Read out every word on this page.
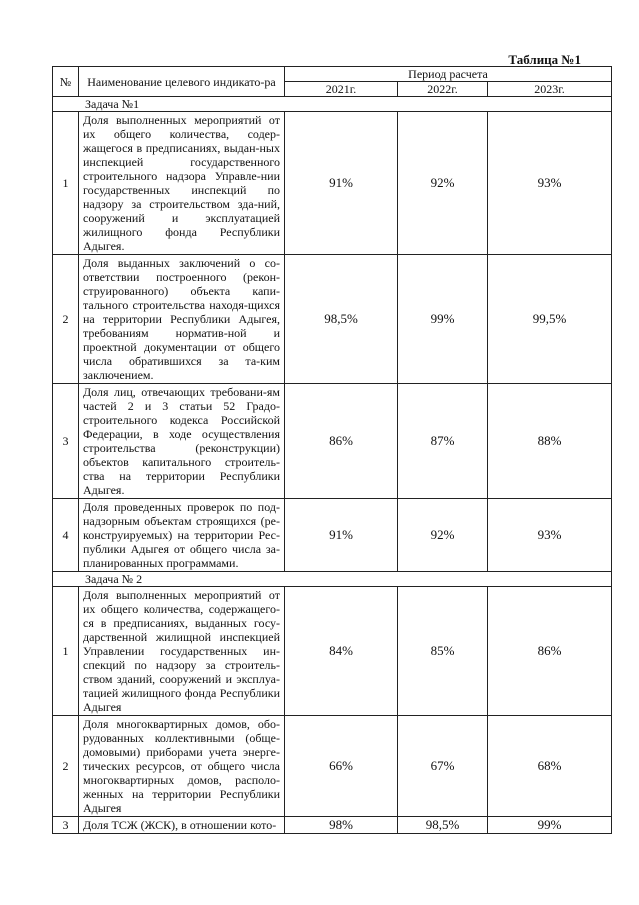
Таблица №1
№	Наименование целевого индикато-ра	Период расчета		
		2021г.	2022г.	2023г.
Задача №1				
1	Доля выполненных мероприятий от их общего количества, содер-жащегося в предписаниях, выдан-ных инспекцией государственного строительного надзора Управле-нии государственных инспекций по надзору за строительством зда-ний, сооружений и эксплуатацией жилищного фонда Республики Адыгея.	91%	92%	93%
2	Доля выданных заключений о со-ответствии построенного (рекон-струированного) объекта капи-тального строительства находя-щихся на территории Республики Адыгея, требованиям норматив-ной и проектной документации от общего числа обратившихся за та-ким заключением.	98,5%	99%	99,5%
3	Доля лиц, отвечающих требовани-ям частей 2 и 3 статьи 52 Градо-строительного кодекса Российской Федерации, в ходе осуществления строительства (реконструкции) объектов капитального строитель-ства на территории Республики Адыгея.	86%	87%	88%
4	Доля проведенных проверок по под-надзорным объектам строящихся (ре-конструируемых) на территории Рес-публики Адыгея от общего числа за-планированных программами.	91%	92%	93%
Задача № 2				
1	Доля выполненных мероприятий от их общего количества, содержащего-ся в предписаниях, выданных госу-дарственной жилищной инспекцией Управлении государственных ин-спекций по надзору за строитель-ством зданий, сооружений и эксплуа-тацией жилищного фонда Республики Адыгея	84%	85%	86%
2	Доля многоквартирных домов, обо-рудованных коллективными (обще-домовыми) приборами учета энерге-тических ресурсов, от общего числа многоквартирных домов, располо-женных на территории Республики Адыгея	66%	67%	68%
3	Доля ТСЖ (ЖСК), в отношении кото-	98%	98,5%	99%
